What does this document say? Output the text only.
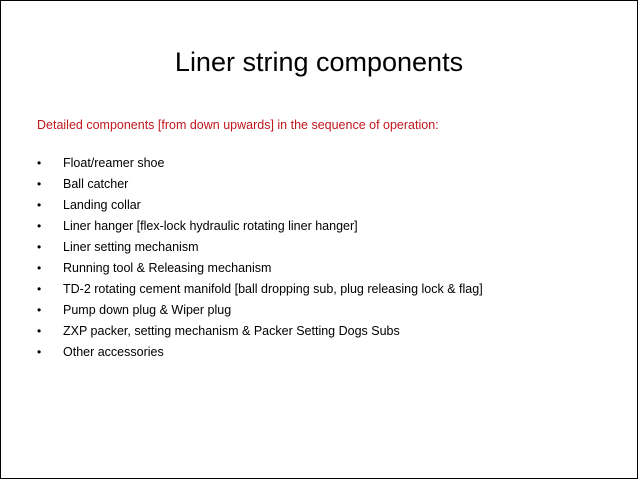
Liner string components
Detailed components [from down upwards] in the sequence of operation:
• Float/reamer shoe
• Ball catcher
• Landing collar
• Liner hanger [flex-lock hydraulic rotating liner hanger]
• Liner setting mechanism
• Running tool & Releasing mechanism
• TD-2 rotating cement manifold [ball dropping sub, plug releasing lock & flag]
• Pump down plug & Wiper plug
• ZXP packer, setting mechanism & Packer Setting Dogs Subs
• Other accessories
